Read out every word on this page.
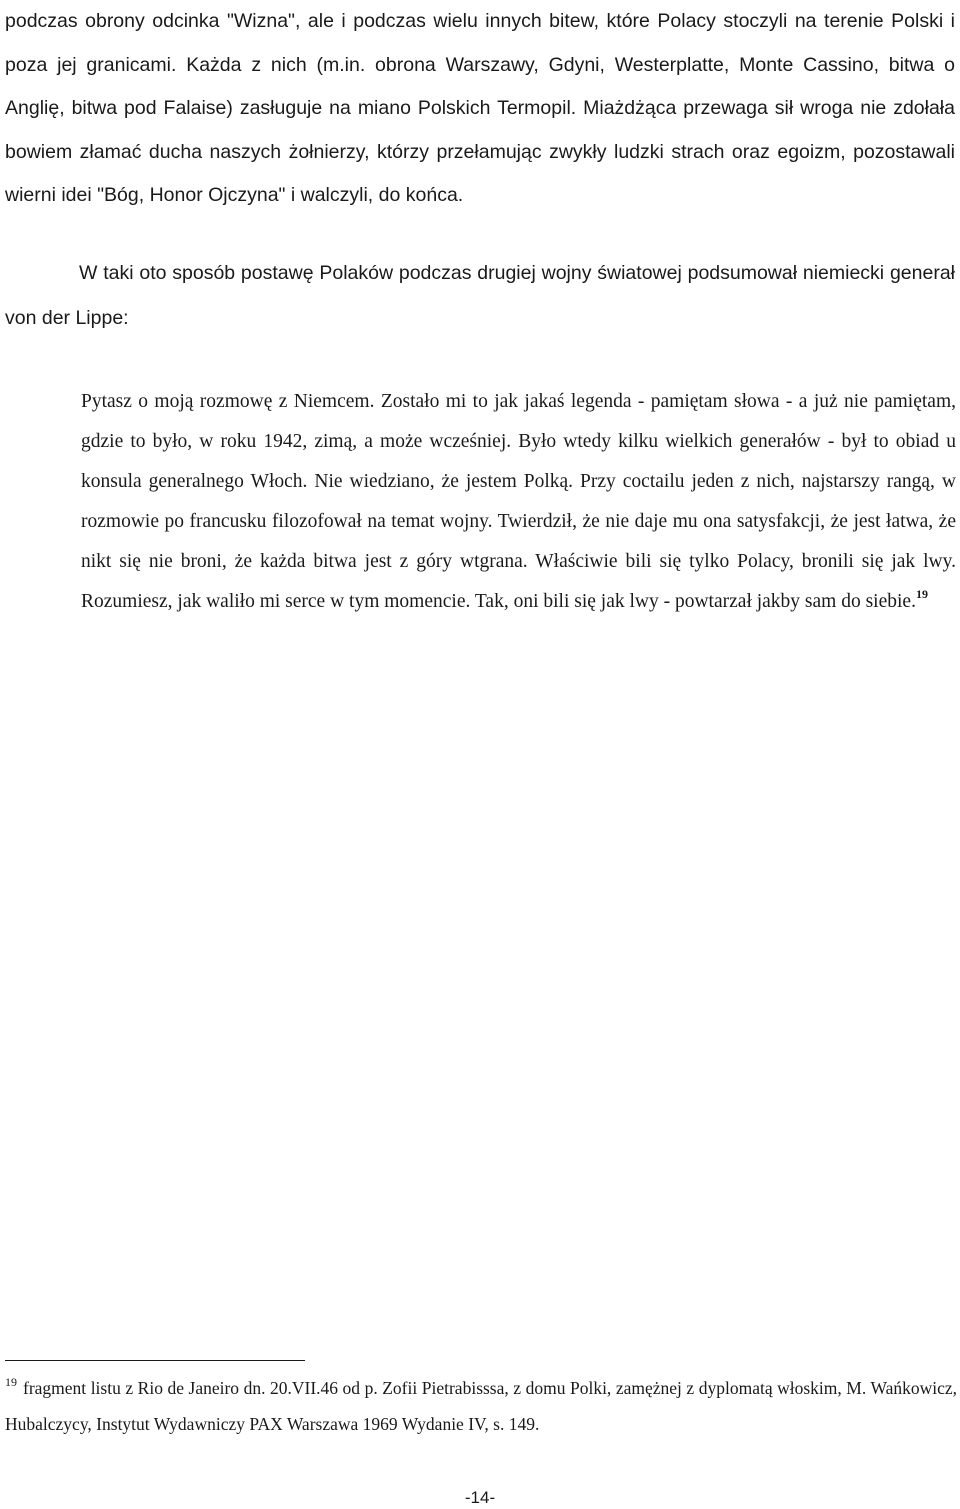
podczas obrony odcinka "Wizna", ale i podczas wielu innych bitew, które Polacy stoczyli na terenie Polski i poza jej granicami. Każda z nich (m.in. obrona Warszawy, Gdyni, Westerplatte, Monte Cassino, bitwa o Anglię, bitwa pod Falaise) zasługuje na miano Polskich Termopil. Miażdżąca przewaga sił wroga nie zdołała bowiem złamać ducha naszych żołnierzy, którzy przełamując zwykły ludzki strach oraz egoizm, pozostawali wierni idei "Bóg, Honor Ojczyna" i walczyli, do końca.

W taki oto sposób postawę Polaków podczas drugiej wojny światowej podsumował niemiecki generał von der Lippe:

Pytasz o moją rozmowę z Niemcem. Zostało mi to jak jakaś legenda - pamiętam słowa - a już nie pamiętam, gdzie to było, w roku 1942, zimą, a może wcześniej. Było wtedy kilku wielkich generałów - był to obiad u konsula generalnego Włoch. Nie wiedziano, że jestem Polką. Przy coctailu jeden z nich, najstarszy rangą, w rozmowie po francusku filozofował na temat wojny. Twierdził, że nie daje mu ona satysfakcji, że jest łatwa, że nikt się nie broni, że każda bitwa jest z góry wtgrana. Właściwie bili się tylko Polacy, bronili się jak lwy. Rozumiesz, jak waliło mi serce w tym momencie. Tak, oni bili się jak lwy - powtarzał jakby sam do siebie.$^{19}$

$^{19}$ fragment listu z Rio de Janeiro dn. 20.VII.46 od p. Zofii Pietrabisssa, z domu Polki, zamężnej z dyplomatą włoskim, M. Wańkowicz, Hubalczycy, Instytut Wydawniczy PAX Warszawa 1969 Wydanie IV, s. 149.

-14-
